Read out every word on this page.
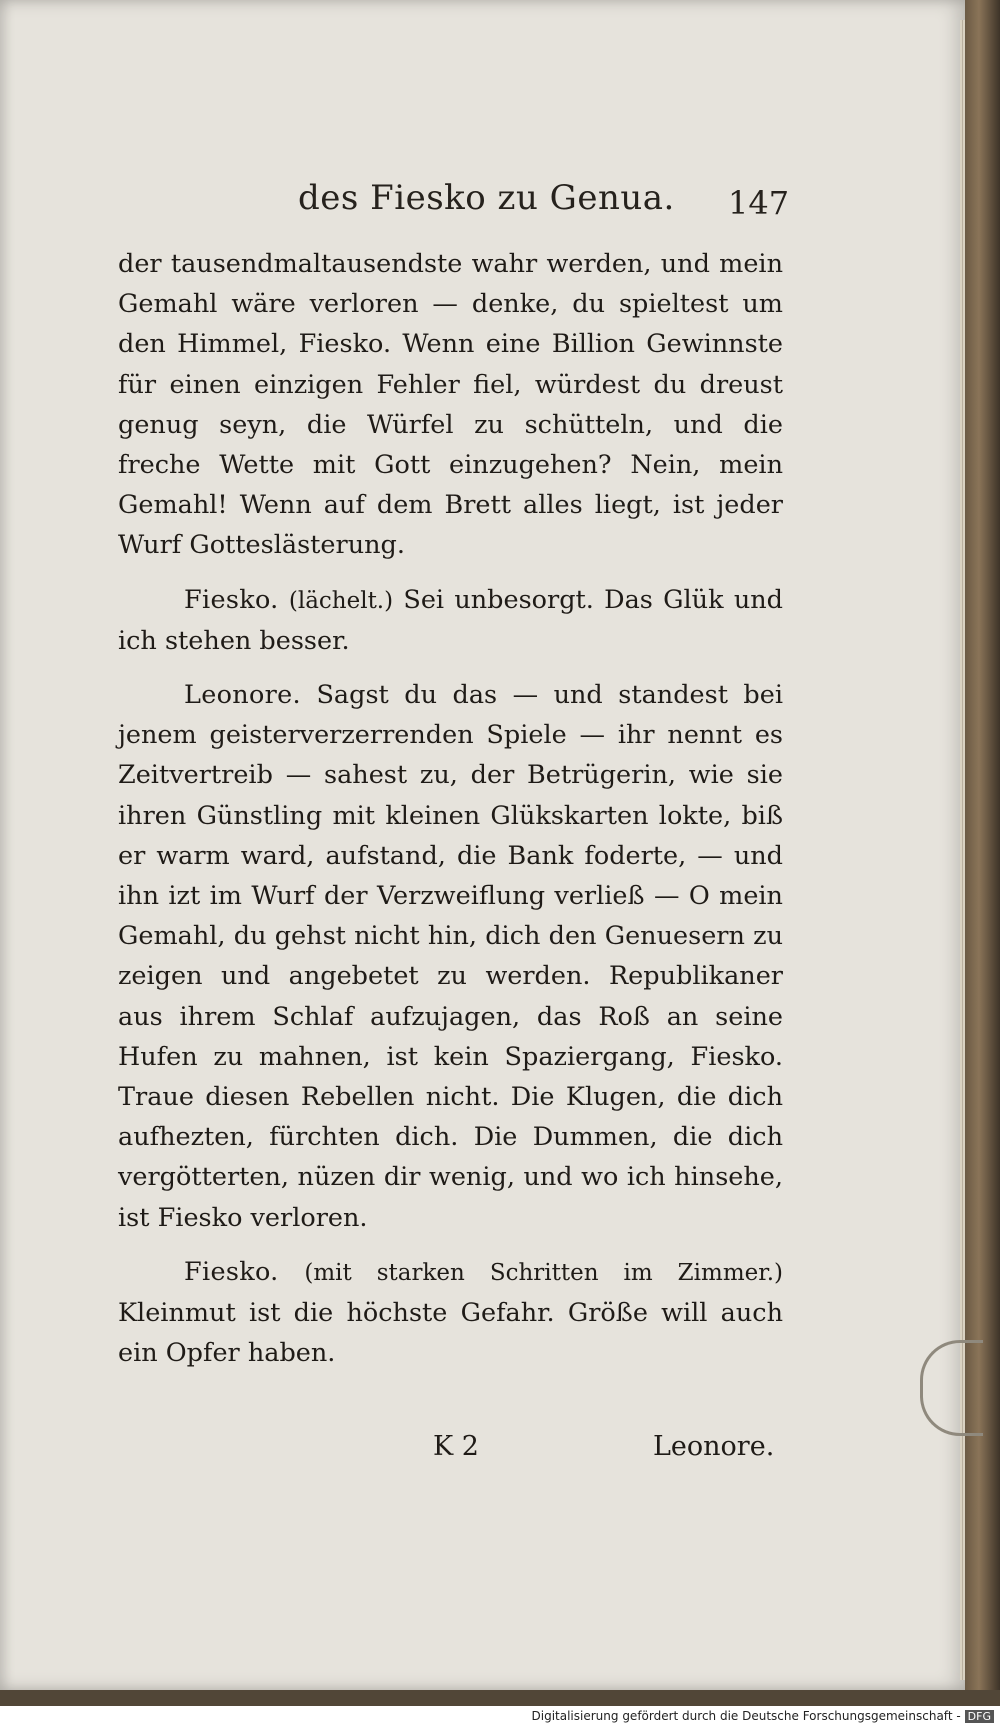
des Fiesko zu Genua. 147

der tausendmaltausendste wahr werden, und mein Gemahl wäre verloren — denke, du spieltest um den Himmel, Fiesko. Wenn eine Billion Gewinnste für einen einzigen Fehler fiel, würdest du dreust genug seyn, die Würfel zu schütteln, und die freche Wette mit Gott einzugehen? Nein, mein Gemahl! Wenn auf dem Brett alles liegt, ist jeder Wurf Gotteslästerung.

Fiesko. (lächelt.) Sei unbesorgt. Das Glük und ich stehen besser.

Leonore. Sagst du das — und standest bei jenem geisterverzerrenden Spiele — ihr nennt es Zeitvertreib — sahest zu, der Betrügerin, wie sie ihren Günstling mit kleinen Glükskarten lokte, biß er warm ward, aufstand, die Bank foderte, — und ihn izt im Wurf der Verzweiflung verließ — O mein Gemahl, du gehst nicht hin, dich den Genuesern zu zeigen und angebetet zu werden. Republikaner aus ihrem Schlaf aufzujagen, das Roß an seine Hufen zu mahnen, ist kein Spaziergang, Fiesko. Traue diesen Rebellen nicht. Die Klugen, die dich aufhezten, fürchten dich. Die Dummen, die dich vergötterten, nüzen dir wenig, und wo ich hinsehe, ist Fiesko verloren.

Fiesko. (mit starken Schritten im Zimmer.) Kleinmut ist die höchste Gefahr. Größe will auch ein Opfer haben.

K 2	Leonore.
Digitalisierung gefördert durch die Deutsche Forschungsgemeinschaft - DFG
